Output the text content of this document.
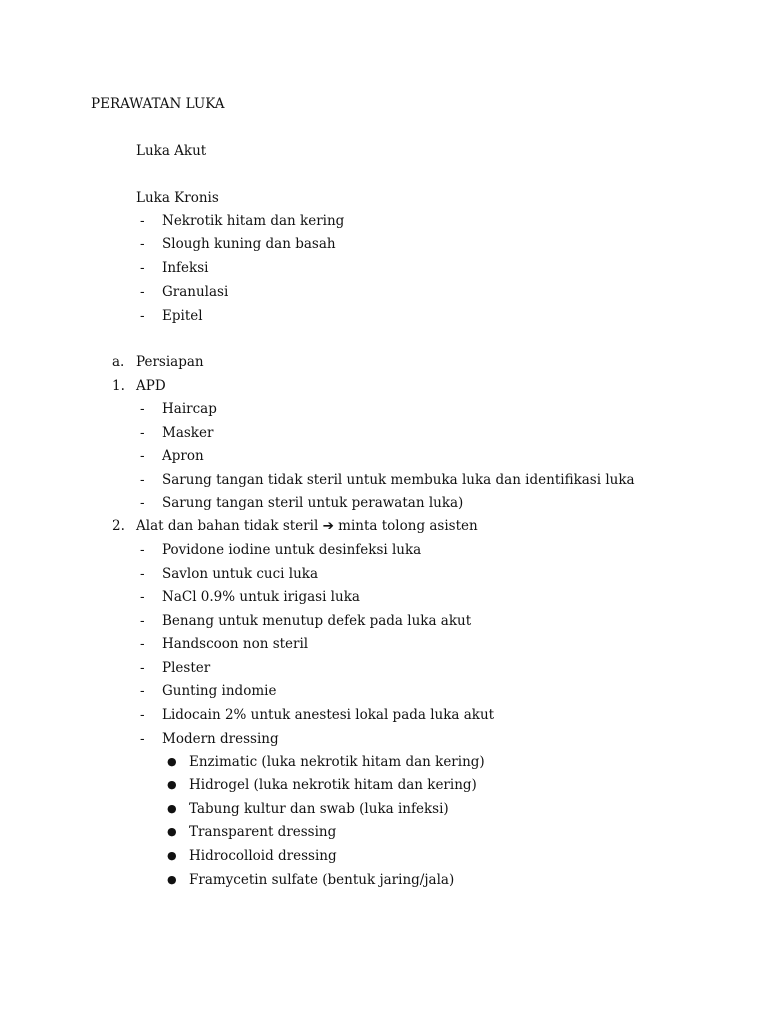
PERAWATAN LUKA
Luka Akut
Luka Kronis
- Nekrotik hitam dan kering
- Slough kuning dan basah
- Infeksi
- Granulasi
- Epitel
a. Persiapan
1. APD
- Haircap
- Masker
- Apron
- Sarung tangan tidak steril untuk membuka luka dan identifikasi luka
- Sarung tangan steril untuk perawatan luka)
2. Alat dan bahan tidak steril ➔ minta tolong asisten
- Povidone iodine untuk desinfeksi luka
- Savlon untuk cuci luka
- NaCl 0.9% untuk irigasi luka
- Benang untuk menutup defek pada luka akut
- Handscoon non steril
- Plester
- Gunting indomie
- Lidocain 2% untuk anestesi lokal pada luka akut
- Modern dressing
● Enzimatic (luka nekrotik hitam dan kering)
● Hidrogel (luka nekrotik hitam dan kering)
● Tabung kultur dan swab (luka infeksi)
● Transparent dressing
● Hidrocolloid dressing
● Framycetin sulfate (bentuk jaring/jala)
